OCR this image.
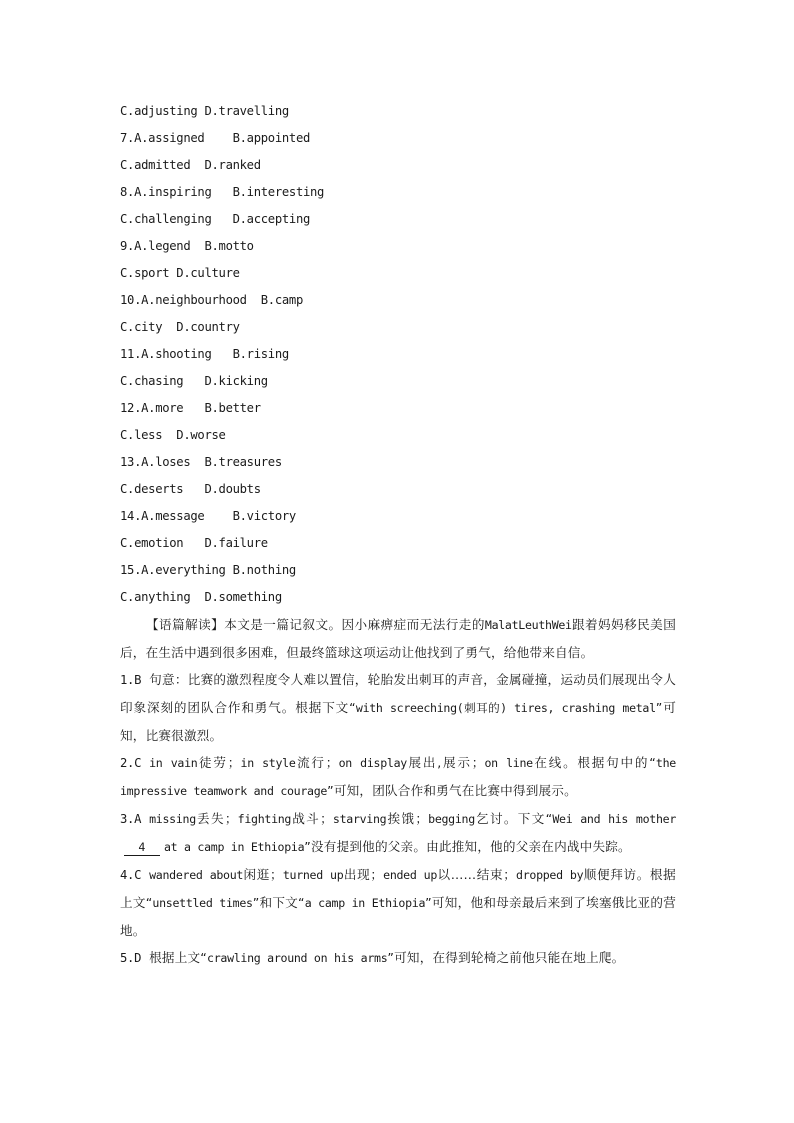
C.adjusting D.travelling
7.A.assigned    B.appointed
C.admitted  D.ranked
8.A.inspiring   B.interesting
C.challenging   D.accepting
9.A.legend  B.motto
C.sport D.culture
10.A.neighbourhood  B.camp
C.city  D.country
11.A.shooting   B.rising
C.chasing   D.kicking
12.A.more   B.better
C.less  D.worse
13.A.loses  B.treasures
C.deserts   D.doubts
14.A.message    B.victory
C.emotion   D.failure
15.A.everything B.nothing
C.anything  D.something

【语篇解读】本文是一篇记叙文。因小麻痹症而无法行走的MalatLeuthWei跟着妈妈移民美国后，在生活中遇到很多困难，但最终篮球这项运动让他找到了勇气，给他带来自信。

1.B 句意：比赛的激烈程度令人难以置信，轮胎发出刺耳的声音，金属碰撞，运动员们展现出令人印象深刻的团队合作和勇气。根据下文“with screeching(刺耳的) tires, crashing metal”可知，比赛很激烈。

2.C in vain徒劳；in style流行；on display展出,展示；on line在线。根据句中的“the impressive teamwork and courage”可知，团队合作和勇气在比赛中得到展示。

3.A missing丢失；fighting战斗；starving挨饿；begging乞讨。下文“Wei and his mother4 at a camp in Ethiopia”没有提到他的父亲。由此推知，他的父亲在内战中失踪。

4.C wandered about闲逛；turned up出现；ended up以……结束；dropped by顺便拜访。根据上文“unsettled times”和下文“a camp in Ethiopia”可知，他和母亲最后来到了埃塞俄比亚的营地。

5.D 根据上文“crawling around on his arms”可知，在得到轮椅之前他只能在地上爬。
